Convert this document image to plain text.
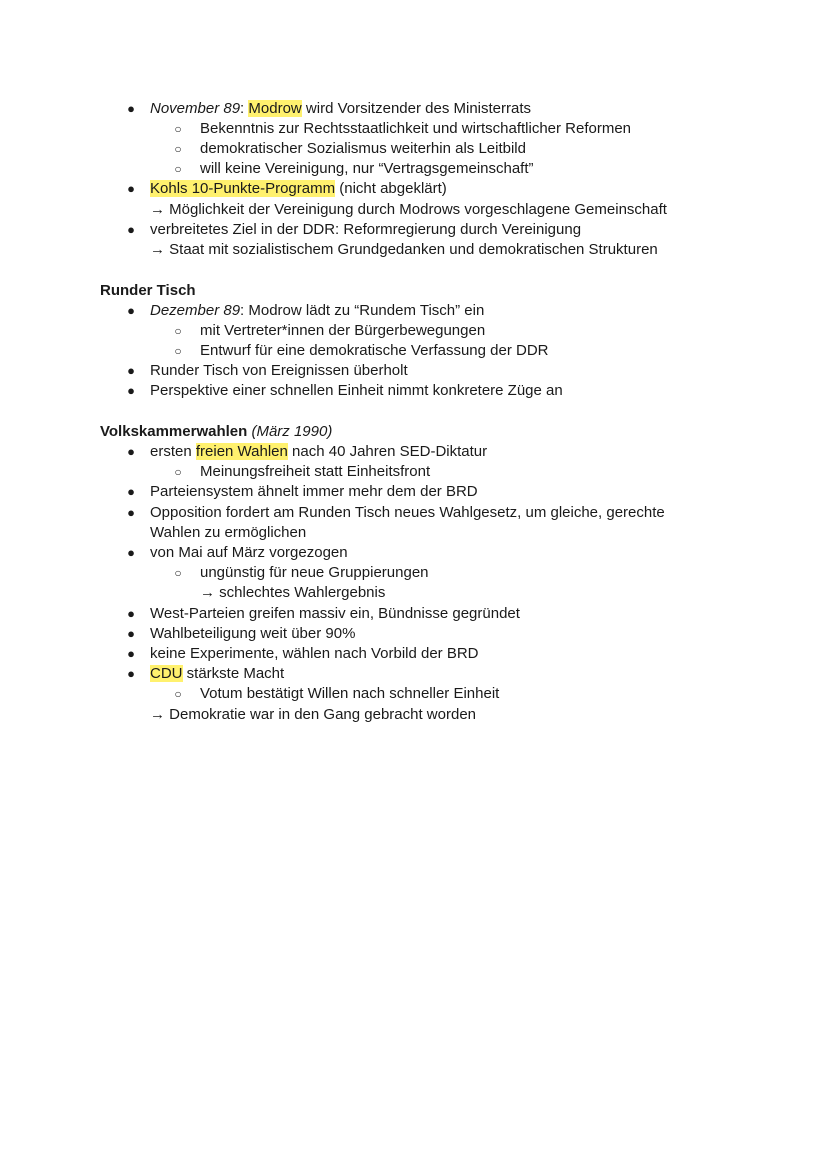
● November 89: Modrow wird Vorsitzender des Ministerrats
○ Bekenntnis zur Rechtsstaatlichkeit und wirtschaftlicher Reformen
○ demokratischer Sozialismus weiterhin als Leitbild
○ will keine Vereinigung, nur “Vertragsgemeinschaft”
● Kohls 10-Punkte-Programm (nicht abgeklärt)
→ Möglichkeit der Vereinigung durch Modrows vorgeschlagene Gemeinschaft
● verbreitetes Ziel in der DDR: Reformregierung durch Vereinigung
→ Staat mit sozialistischem Grundgedanken und demokratischen Strukturen
Runder Tisch
● Dezember 89: Modrow lädt zu “Rundem Tisch” ein
○ mit Vertreter*innen der Bürgerbewegungen
○ Entwurf für eine demokratische Verfassung der DDR
● Runder Tisch von Ereignissen überholt
● Perspektive einer schnellen Einheit nimmt konkretere Züge an
Volkskammerwahlen (März 1990)
● ersten freien Wahlen nach 40 Jahren SED-Diktatur
○ Meinungsfreiheit statt Einheitsfront
● Parteiensystem ähnelt immer mehr dem der BRD
● Opposition fordert am Runden Tisch neues Wahlgesetz, um gleiche, gerechte
Wahlen zu ermöglichen
● von Mai auf März vorgezogen
○ ungünstig für neue Gruppierungen
→ schlechtes Wahlergebnis
● West-Parteien greifen massiv ein, Bündnisse gegründet
● Wahlbeteiligung weit über 90%
● keine Experimente, wählen nach Vorbild der BRD
● CDU stärkste Macht
○ Votum bestätigt Willen nach schneller Einheit
→ Demokratie war in den Gang gebracht worden
